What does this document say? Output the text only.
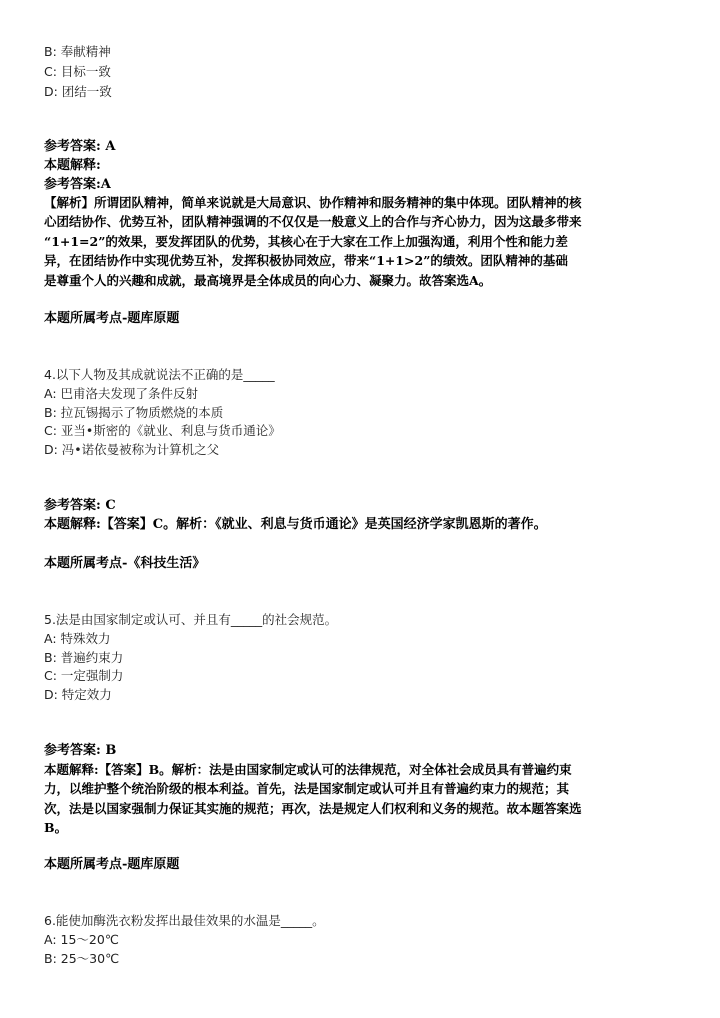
B: 奉献精神
C: 目标一致
D: 团结一致
参考答案: A
本题解释:
参考答案:A

【解析】所谓团队精神，简单来说就是大局意识、协作精神和服务精神的集中体现。团队精神的核

心团结协作、优势互补，团队精神强调的不仅仅是一般意义上的合作与齐心协力，因为这最多带来

“1+1=2”的效果，要发挥团队的优势，其核心在于大家在工作上加强沟通，利用个性和能力差

异，在团结协作中实现优势互补，发挥积极协同效应，带来“1+1>2”的绩效。团队精神的基础

是尊重个人的兴趣和成就，最高境界是全体成员的向心力、凝聚力。故答案选A。

本题所属考点-题库原题
4.以下人物及其成就说法不正确的是_____
A: 巴甫洛夫发现了条件反射
B: 拉瓦锡揭示了物质燃烧的本质
C: 亚当•斯密的《就业、利息与货币通论》
D: 冯•诺依曼被称为计算机之父
参考答案: C
本题解释:【答案】C。解析：《就业、利息与货币通论》是英国经济学家凯恩斯的著作。
本题所属考点-《科技生活》
5.法是由国家制定或认可、并且有_____的社会规范。
A: 特殊效力
B: 普遍约束力
C: 一定强制力
D: 特定效力
参考答案: B

本题解释:【答案】B。解析：法是由国家制定或认可的法律规范，对全体社会成员具有普遍约束

力，以维护整个统治阶级的根本利益。首先，法是国家制定或认可并且有普遍约束力的规范；其

次，法是以国家强制力保证其实施的规范；再次，法是规定人们权利和义务的规范。故本题答案选

B。

本题所属考点-题库原题
6.能使加酶洗衣粉发挥出最佳效果的水温是_____。
A: 15～20℃
B: 25～30℃
